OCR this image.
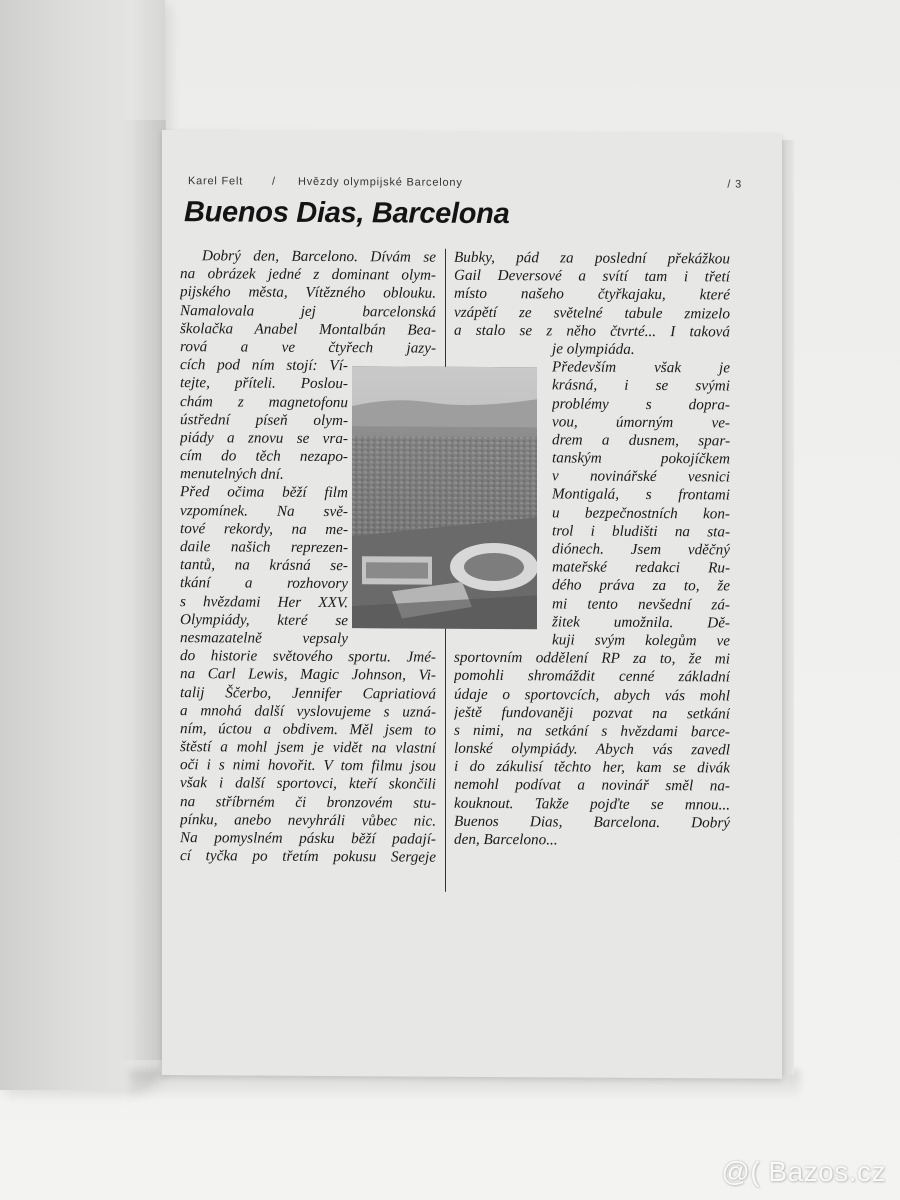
Karel Felt	/ Hvězdy olympijské Barcelony	/ 3
Buenos Dias, Barcelona
Dobrý den, Barcelono. Dívám se
na obrázek jedné z dominant olym-
pijského města, Vítězného oblouku.
Namalovala jej barcelonská
školačka Anabel Montalbán Bea-
rová a ve čtyřech jazy-
cích pod ním stojí: Ví-
tejte, příteli. Poslou-
chám z magnetofonu
ústřední píseň olym-
piády a znovu se vra-
cím do těch nezapo-
menutelných dní.
Před očima běží film
vzpomínek. Na svě-
tové rekordy, na me-
daile našich reprezen-
tantů, na krásná se-
tkání a rozhovory
s hvězdami Her XXV.
Olympiády, které se
nesmazatelně vepsaly
do historie světového sportu. Jmé-
na Carl Lewis, Magic Johnson, Vi-
talij Ščerbo, Jennifer Capriatiová
a mnohá další vyslovujeme s uzná-
ním, úctou a obdivem. Měl jsem to
štěstí a mohl jsem je vidět na vlastní
oči i s nimi hovořit. V tom filmu jsou
však i další sportovci, kteří skončili
na stříbrném či bronzovém stu-
pínku, anebo nevyhráli vůbec nic.
Na pomyslném pásku běží padají-
cí tyčka po třetím pokusu Sergeje
Bubky, pád za poslední překážkou
Gail Deversové a svítí tam i třetí
místo našeho čtyřkajaku, které
vzápětí ze světelné tabule zmizelo
a stalo se z něho čtvrté... I taková
je olympiáda.
Především však je
krásná, i se svými
problémy s dopra-
vou, úmorným ve-
drem a dusnem, spar-
tanským pokojíčkem
v novinářské vesnici
Montigalá, s frontami
u bezpečnostních kon-
trol i bludišti na sta-
diónech. Jsem vděčný
mateřské redakci Ru-
dého práva za to, že
mi tento nevšední zá-
žitek umožnila. Dě-
kuji svým kolegům ve
sportovním oddělení RP za to, že mi
pomohli shromáždit cenné základní
údaje o sportovcích, abych vás mohl
ještě fundovaněji pozvat na setkání
s nimi, na setkání s hvězdami barce-
lonské olympiády. Abych vás zavedl
i do zákulisí těchto her, kam se divák
nemohl podívat a novinář směl na-
kouknout. Takže pojďte se mnou...
Buenos Dias, Barcelona. Dobrý
den, Barcelono...
@( Bazos.cz
